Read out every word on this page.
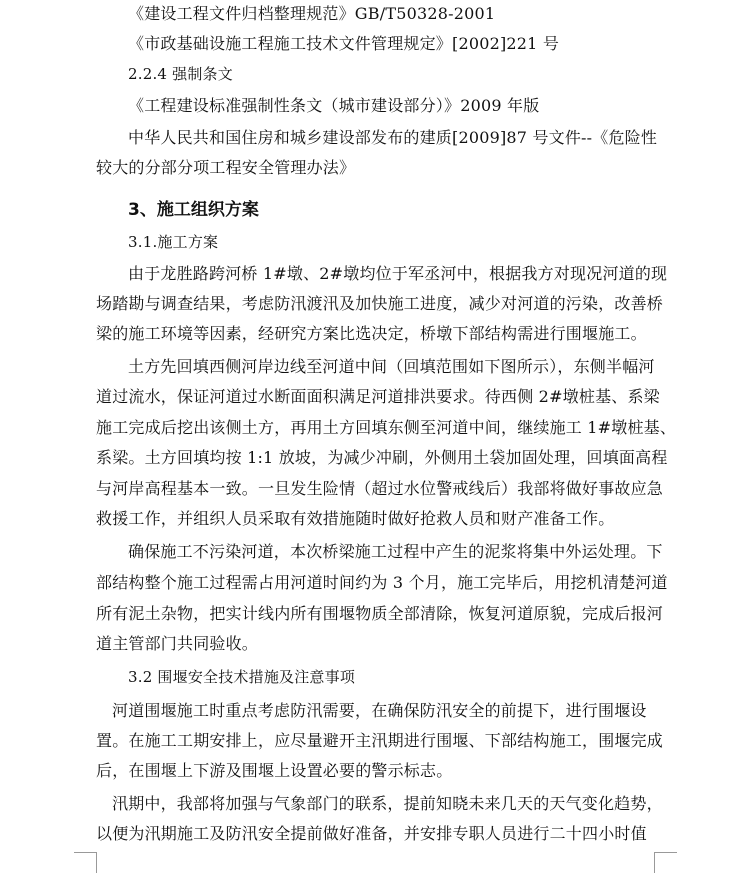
《建设工程文件归档整理规范》GB/T50328-2001
《市政基础设施工程施工技术文件管理规定》[2002]221 号
2.2.4 强制条文
《工程建设标准强制性条文（城市建设部分）》2009 年版
中华人民共和国住房和城乡建设部发布的建质[2009]87 号文件--《危险性
较大的分部分项工程安全管理办法》
3、施工组织方案
3.1.施工方案
由于龙胜路跨河桥 1#墩、2#墩均位于军丞河中，根据我方对现况河道的现
场踏勘与调查结果，考虑防汛渡汛及加快施工进度，减少对河道的污染，改善桥
梁的施工环境等因素，经研究方案比选决定，桥墩下部结构需进行围堰施工。
土方先回填西侧河岸边线至河道中间（回填范围如下图所示），东侧半幅河
道过流水，保证河道过水断面面积满足河道排洪要求。待西侧 2#墩桩基、系梁
施工完成后挖出该侧土方，再用土方回填东侧至河道中间，继续施工 1#墩桩基、
系梁。土方回填均按 1:1 放坡，为减少冲刷，外侧用土袋加固处理，回填面高程
与河岸高程基本一致。一旦发生险情（超过水位警戒线后）我部将做好事故应急
救援工作，并组织人员采取有效措施随时做好抢救人员和财产准备工作。
确保施工不污染河道，本次桥梁施工过程中产生的泥浆将集中外运处理。下
部结构整个施工过程需占用河道时间约为 3 个月，施工完毕后，用挖机清楚河道
所有泥土杂物，把实计线内所有围堰物质全部清除，恢复河道原貌，完成后报河
道主管部门共同验收。
3.2 围堰安全技术措施及注意事项
河道围堰施工时重点考虑防汛需要，在确保防汛安全的前提下，进行围堰设
置。在施工工期安排上，应尽量避开主汛期进行围堰、下部结构施工，围堰完成
后，在围堰上下游及围堰上设置必要的警示标志。
汛期中，我部将加强与气象部门的联系，提前知晓未来几天的天气变化趋势，
以便为汛期施工及防汛安全提前做好准备，并安排专职人员进行二十四小时值
